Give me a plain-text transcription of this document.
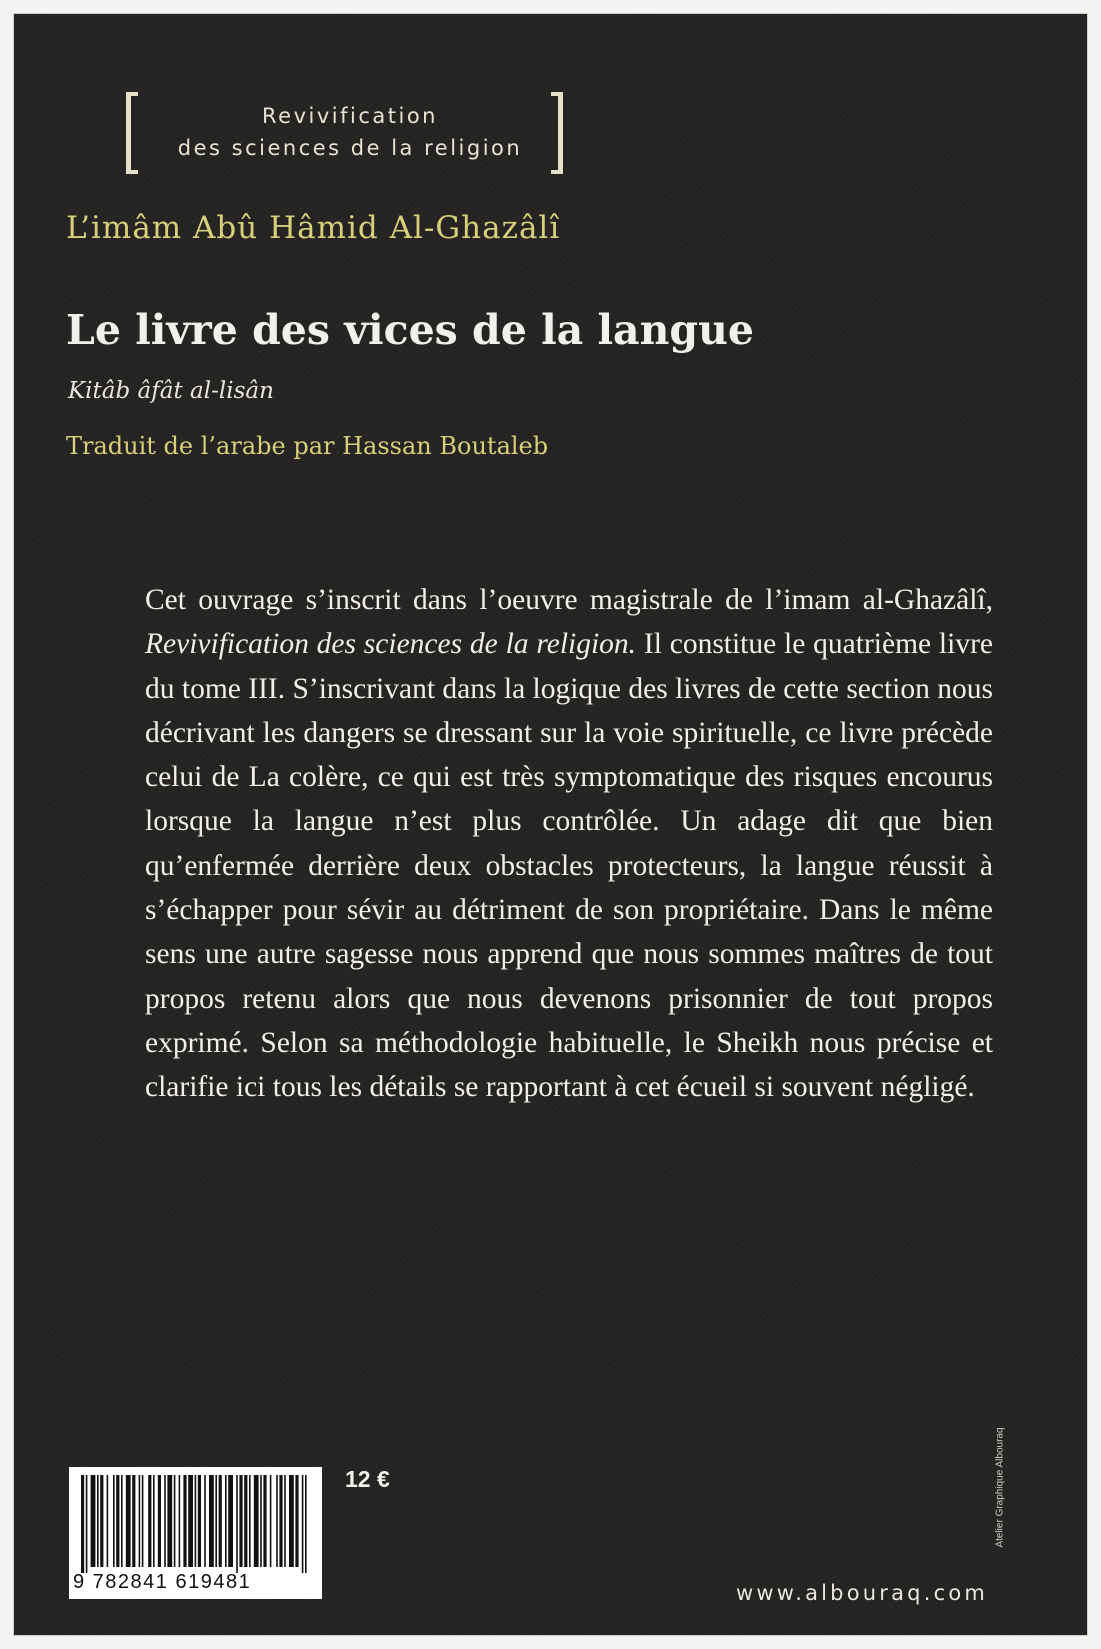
Revivification
des sciences de la religion
L’imâm Abû Hâmid Al-Ghazâlî
Le livre des vices de la langue
Kitâb âfât al-lisân
Traduit de l’arabe par Hassan Boutaleb
Cet ouvrage s’inscrit dans l’oeuvre magistrale de l’imam al-Ghazâlî, Revivification des sciences de la religion. Il constitue le quatrième livre du tome III. S’inscrivant dans la logique des livres de cette section nous décrivant les dangers se dressant sur la voie spirituelle, ce livre précède celui de La colère, ce qui est très symptomatique des risques encourus lorsque la langue n’est plus contrôlée. Un adage dit que bien qu’enfermée derrière deux obstacles protecteurs, la langue réussit à s’échapper pour sévir au détriment de son propriétaire. Dans le même sens une autre sagesse nous apprend que nous sommes maîtres de tout propos retenu alors que nous devenons prisonnier de tout propos exprimé. Selon sa méthodologie habituelle, le Sheikh nous précise et clarifie ici tous les détails se rapportant à cet écueil si souvent négligé.
9 782841 619481
12 €
www.albouraq.com
Atelier Graphique Albouraq
